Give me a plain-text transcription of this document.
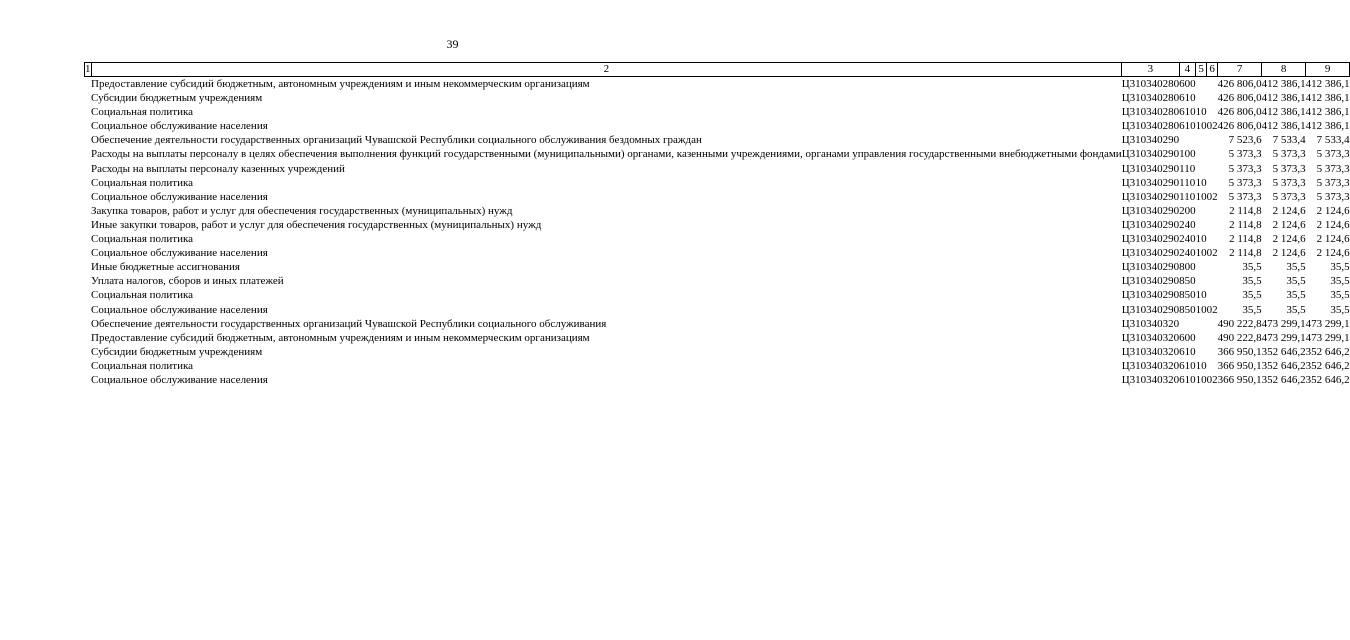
39
1	2	3	4	5	6	7	8	9
	Предоставление субсидий бюджетным, автономным учреждениям и иным некоммерческим организациям	Ц310340280	600			426 806,0	412 386,1	412 386,1
	Субсидии бюджетным учреждениям	Ц310340280	610			426 806,0	412 386,1	412 386,1
	Социальная политика	Ц310340280	610	10		426 806,0	412 386,1	412 386,1
	Социальное обслуживание населения	Ц310340280	610	10	02	426 806,0	412 386,1	412 386,1
	Обеспечение деятельности государственных организаций Чувашской Республики социального обслуживания бездомных граждан	Ц310340290				7 523,6	7 533,4	7 533,4
	Расходы на выплаты персоналу в целях обеспечения выполнения функций государственными (муниципальными) органами, казенными учреждениями, органами управления государственными внебюджетными фондами	Ц310340290	100			5 373,3	5 373,3	5 373,3
	Расходы на выплаты персоналу казенных учреждений	Ц310340290	110			5 373,3	5 373,3	5 373,3
	Социальная политика	Ц310340290	110	10		5 373,3	5 373,3	5 373,3
	Социальное обслуживание населения	Ц310340290	110	10	02	5 373,3	5 373,3	5 373,3
	Закупка товаров, работ и услуг для обеспечения государственных (муниципальных) нужд	Ц310340290	200			2 114,8	2 124,6	2 124,6
	Иные закупки товаров, работ и услуг для обеспечения государственных (муниципальных) нужд	Ц310340290	240			2 114,8	2 124,6	2 124,6
	Социальная политика	Ц310340290	240	10		2 114,8	2 124,6	2 124,6
	Социальное обслуживание населения	Ц310340290	240	10	02	2 114,8	2 124,6	2 124,6
	Иные бюджетные ассигнования	Ц310340290	800			35,5	35,5	35,5
	Уплата налогов, сборов и иных платежей	Ц310340290	850			35,5	35,5	35,5
	Социальная политика	Ц310340290	850	10		35,5	35,5	35,5
	Социальное обслуживание населения	Ц310340290	850	10	02	35,5	35,5	35,5
	Обеспечение деятельности государственных организаций Чувашской Республики социального обслуживания	Ц310340320				490 222,8	473 299,1	473 299,1
	Предоставление субсидий бюджетным, автономным учреждениям и иным некоммерческим организациям	Ц310340320	600			490 222,8	473 299,1	473 299,1
	Субсидии бюджетным учреждениям	Ц310340320	610			366 950,1	352 646,2	352 646,2
	Социальная политика	Ц310340320	610	10		366 950,1	352 646,2	352 646,2
	Социальное обслуживание населения	Ц310340320	610	10	02	366 950,1	352 646,2	352 646,2
